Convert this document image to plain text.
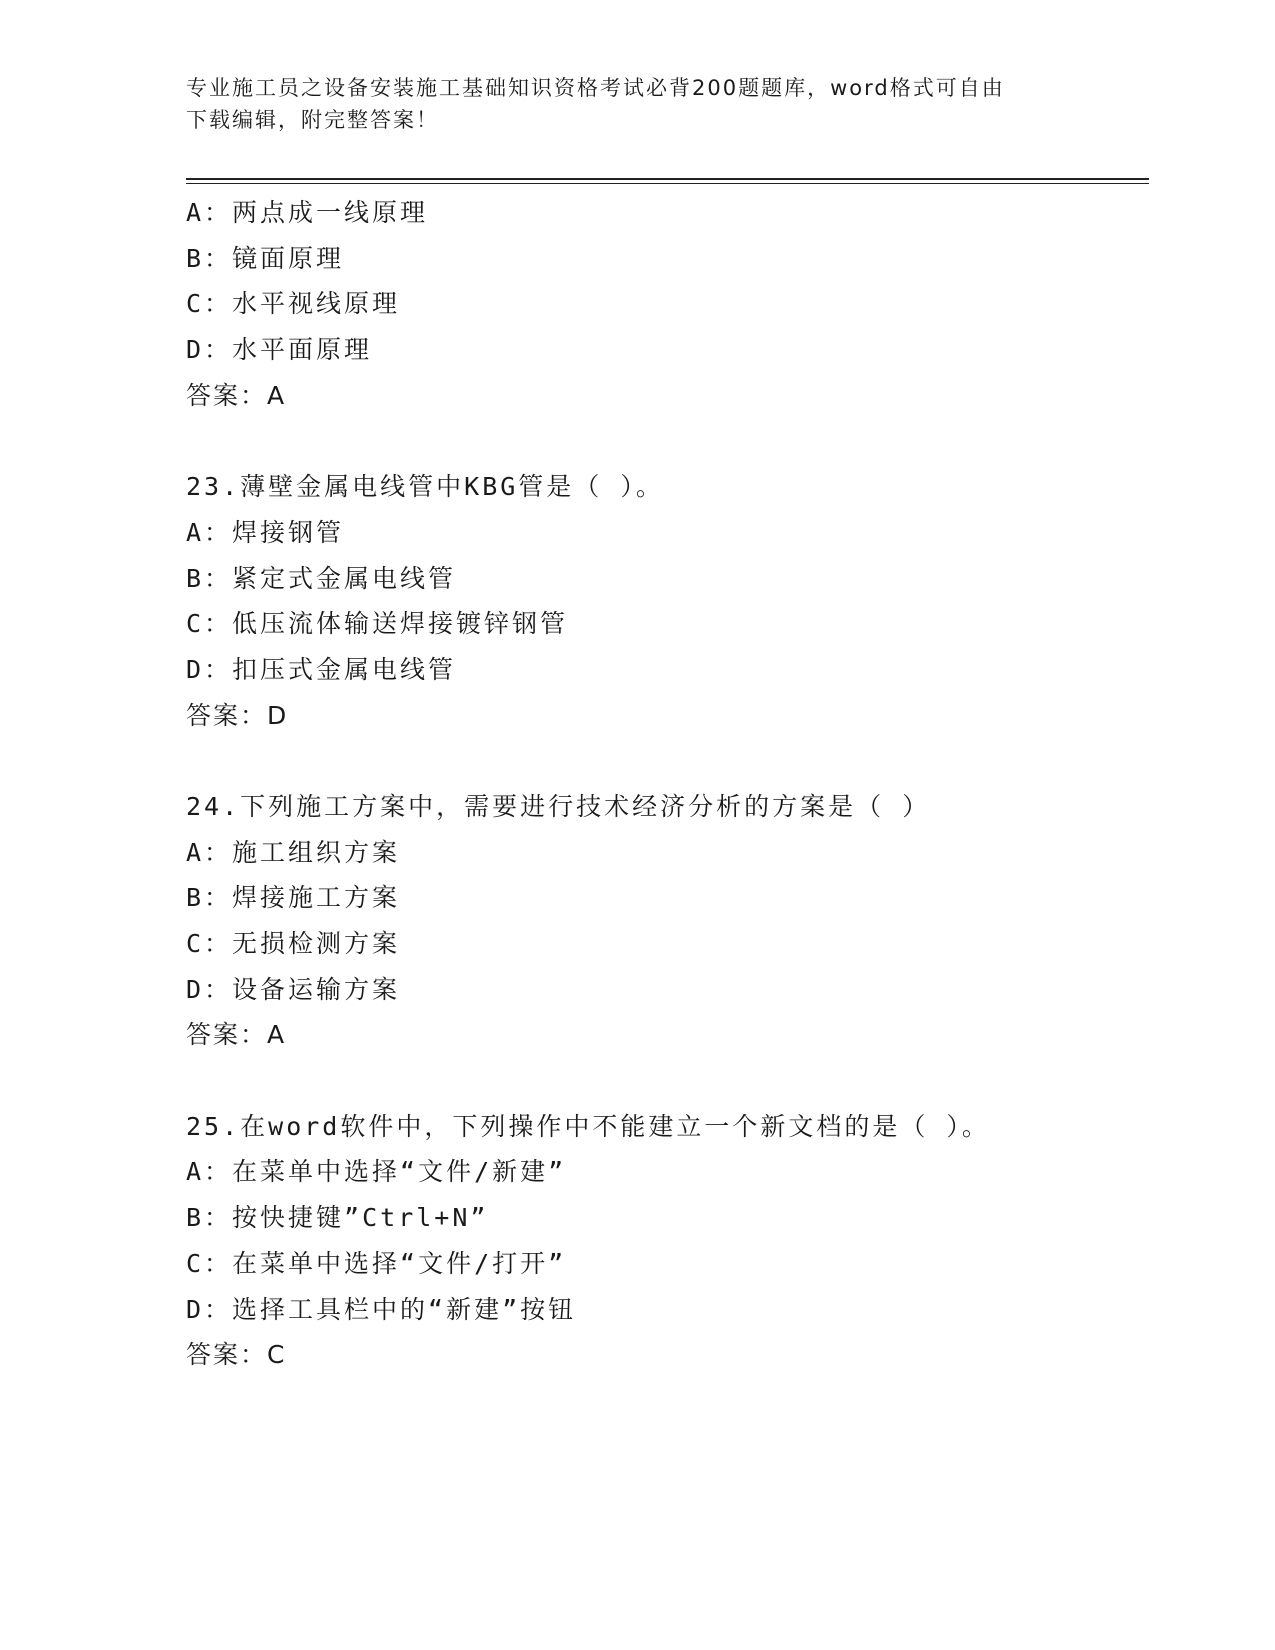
专业施工员之设备安装施工基础知识资格考试必背200题题库，word格式可自由
下载编辑，附完整答案！
A：两点成一线原理
B：镜面原理
C：水平视线原理
D：水平面原理
答案：A
23.薄壁金属电线管中KBG管是（ ）。
A：焊接钢管
B：紧定式金属电线管
C：低压流体输送焊接镀锌钢管
D：扣压式金属电线管
答案：D
24.下列施工方案中，需要进行技术经济分析的方案是（ ）
A：施工组织方案
B：焊接施工方案
C：无损检测方案
D：设备运输方案
答案：A
25.在word软件中，下列操作中不能建立一个新文档的是（ ）。
A：在菜单中选择“文件/新建”
B：按快捷键”Ctrl+N”
C：在菜单中选择“文件/打开”
D：选择工具栏中的“新建”按钮
答案：C
